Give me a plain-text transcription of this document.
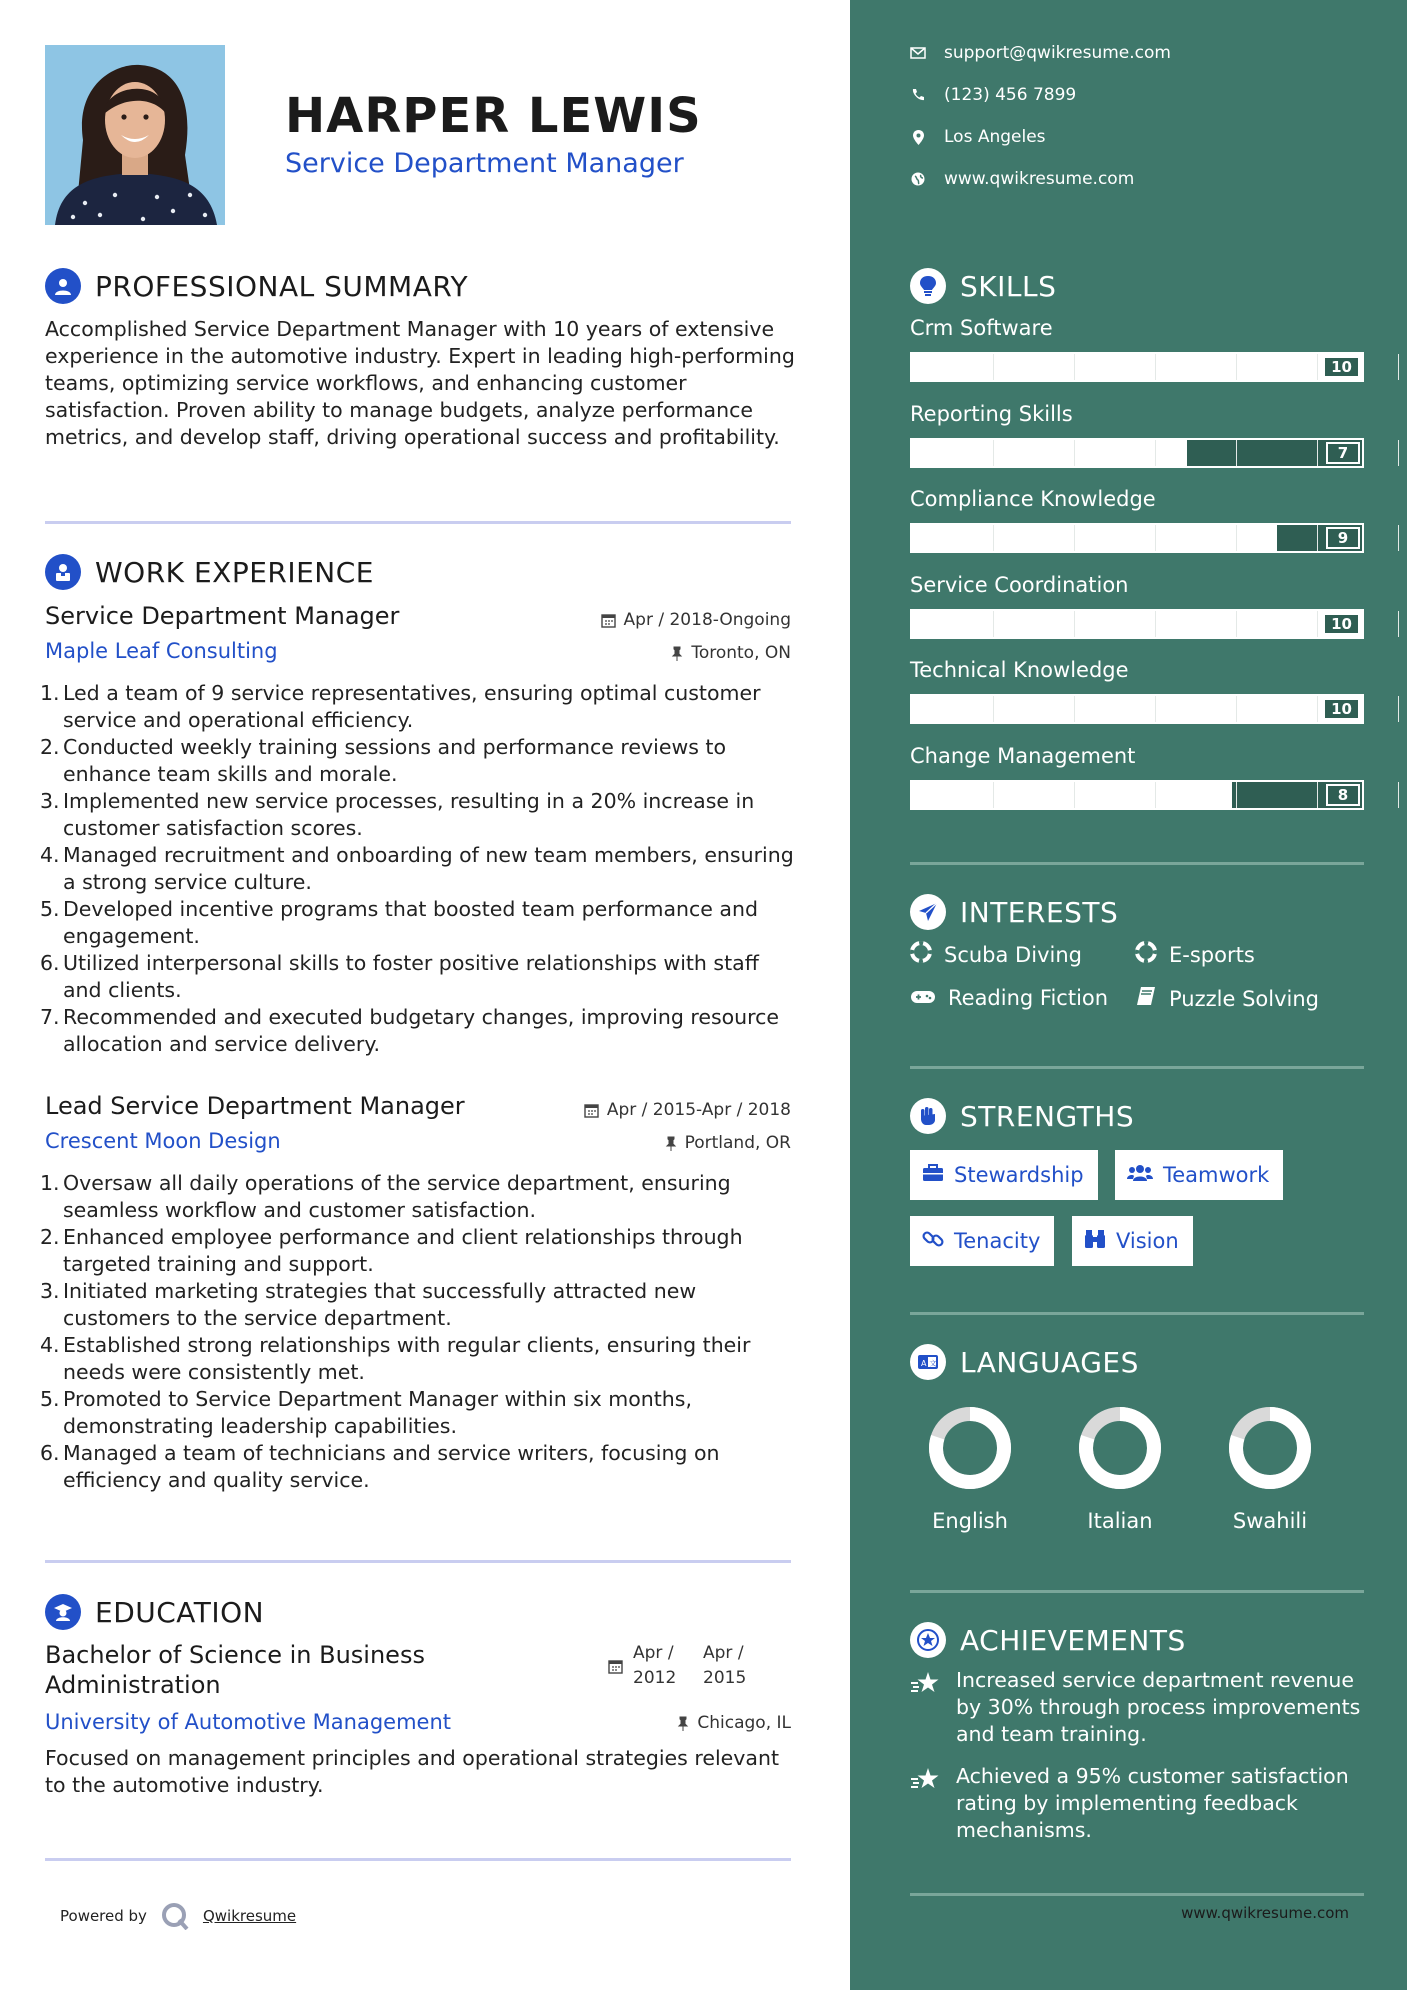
HARPER LEWIS
Service Department Manager
PROFESSIONAL SUMMARY
Accomplished Service Department Manager with 10 years of extensive experience in the automotive industry. Expert in leading high-performing teams, optimizing service workflows, and enhancing customer satisfaction. Proven ability to manage budgets, analyze performance metrics, and develop staff, driving operational success and profitability.
WORK EXPERIENCE
Service Department Manager	Apr / 2018-Ongoing
Maple Leaf Consulting	Toronto, ON
1. Led a team of 9 service representatives, ensuring optimal customer service and operational efficiency.
2. Conducted weekly training sessions and performance reviews to enhance team skills and morale.
3. Implemented new service processes, resulting in a 20% increase in customer satisfaction scores.
4. Managed recruitment and onboarding of new team members, ensuring a strong service culture.
5. Developed incentive programs that boosted team performance and engagement.
6. Utilized interpersonal skills to foster positive relationships with staff and clients.
7. Recommended and executed budgetary changes, improving resource allocation and service delivery.
Lead Service Department Manager	Apr / 2015-Apr / 2018
Crescent Moon Design	Portland, OR
1. Oversaw all daily operations of the service department, ensuring seamless workflow and customer satisfaction.
2. Enhanced employee performance and client relationships through targeted training and support.
3. Initiated marketing strategies that successfully attracted new customers to the service department.
4. Established strong relationships with regular clients, ensuring their needs were consistently met.
5. Promoted to Service Department Manager within six months, demonstrating leadership capabilities.
6. Managed a team of technicians and service writers, focusing on efficiency and quality service.
EDUCATION
Bachelor of Science in Business Administration
Apr / 2012
Apr / 2015
University of Automotive Management	Chicago, IL
Focused on management principles and operational strategies relevant to the automotive industry.
Powered by	Qwikresume
support@qwikresume.com
(123) 456 7899
Los Angeles
www.qwikresume.com
SKILLS
INTERESTS
Scuba Diving	E-sports
Reading Fiction	Puzzle Solving
STRENGTHS
Stewardship	Teamwork
Tenacity	Vision
A 文 LANGUAGES
ACHIEVEMENTS
Increased service department revenue by 30% through process improvements and team training.
Achieved a 95% customer satisfaction rating by implementing feedback mechanisms.
www.qwikresume.com
Crm Software
10
Reporting Skills
7
Compliance Knowledge
9
Service Coordination
10
Technical Knowledge
10
Change Management
8
English	Italian	Swahili
